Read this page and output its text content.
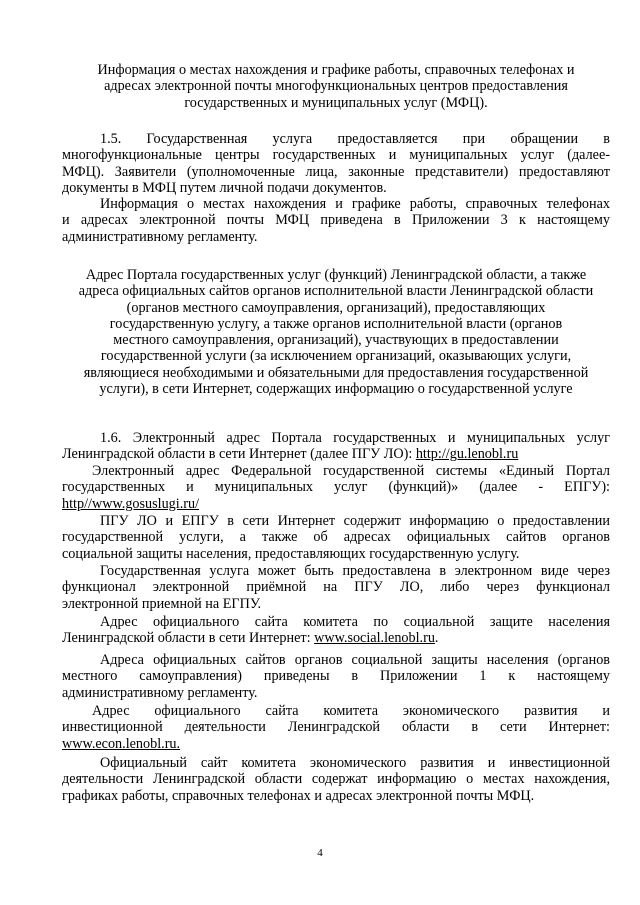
Информация о местах нахождения и графике работы, справочных телефонах и
адресах электронной почты многофункциональных центров предоставления
государственных и муниципальных услуг (МФЦ).
1.5. Государственная услуга предоставляется при обращении в
многофункциональные центры государственных и муниципальных услуг (далее-
МФЦ). Заявители (уполномоченные лица, законные представители) предоставляют
документы в МФЦ путем личной подачи документов.
Информация о местах нахождения и графике работы, справочных телефонах
и адресах электронной почты МФЦ приведена в Приложении 3 к настоящему
административному регламенту.
Адрес Портала государственных услуг (функций) Ленинградской области, а также
адреса официальных сайтов органов исполнительной власти Ленинградской области
(органов местного самоуправления, организаций), предоставляющих
государственную услугу, а также органов исполнительной власти (органов
местного самоуправления, организаций), участвующих в предоставлении
государственной услуги (за исключением организаций, оказывающих услуги,
являющиеся необходимыми и обязательными для предоставления государственной
услуги), в сети Интернет, содержащих информацию о государственной услуге
1.6. Электронный адрес Портала государственных и муниципальных услуг
Ленинградской области в сети Интернет (далее ПГУ ЛО): http://gu.lenobl.ru
Электронный адрес Федеральной государственной системы «Единый Портал
государственных и муниципальных услуг (функций)» (далее - ЕПГУ):
http//www.gosuslugi.ru/
ПГУ ЛО и ЕПГУ в сети Интернет содержит информацию о предоставлении
государственной услуги, а также об адресах официальных сайтов органов
социальной защиты населения, предоставляющих государственную услугу.
Государственная услуга может быть предоставлена в электронном виде через
функционал электронной приёмной на ПГУ ЛО, либо через функционал
электронной приемной на ЕГПУ.
Адрес официального сайта комитета по социальной защите населения
Ленинградской области в сети Интернет: www.social.lenobl.ru.
Адреса официальных сайтов органов социальной защиты населения (органов
местного самоуправления) приведены в Приложении 1 к настоящему
административному регламенту.
Адрес официального сайта комитета экономического развития и
инвестиционной деятельности Ленинградской области в сети Интернет:
www.econ.lenobl.ru.
Официальный сайт комитета экономического развития и инвестиционной
деятельности Ленинградской области содержат информацию о местах нахождения,
графиках работы, справочных телефонах и адресах электронной почты МФЦ.
4
